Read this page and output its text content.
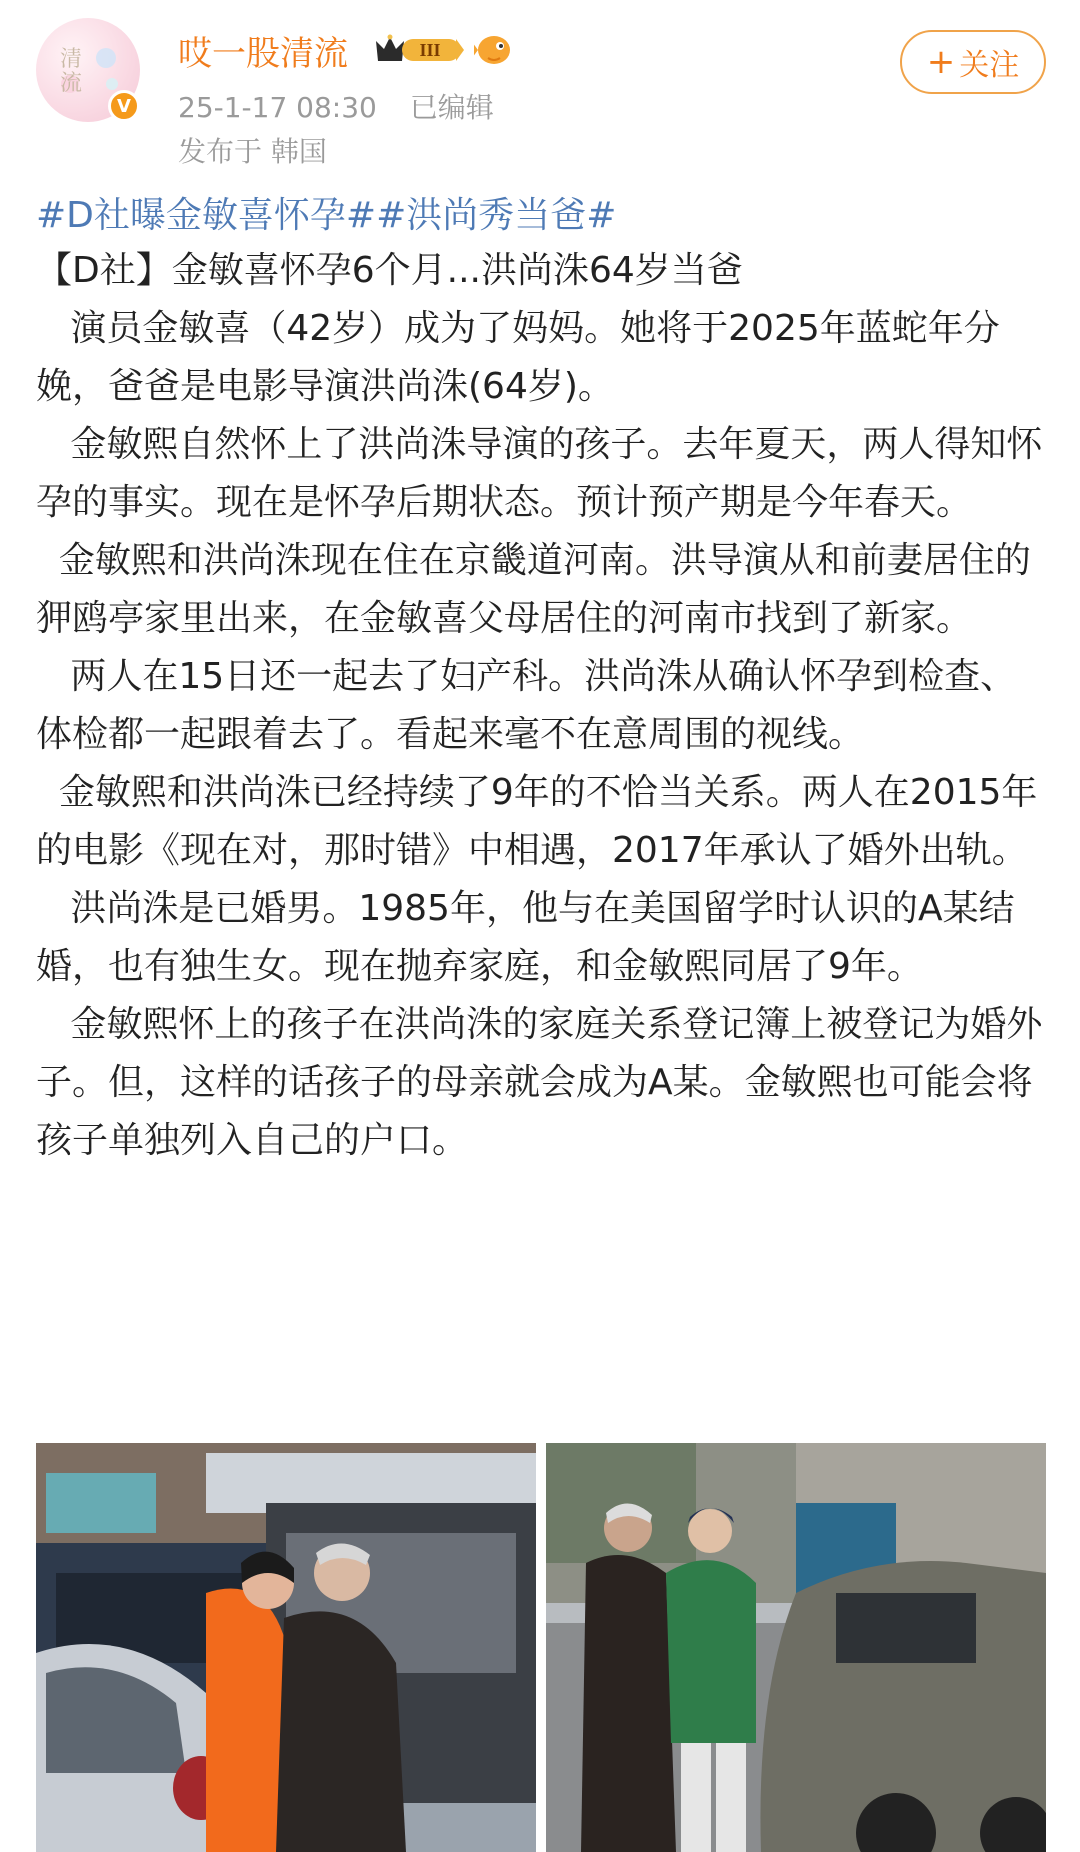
清
流
V
哎一股清流	III
25-1-17 08:30 已编辑
发布于 韩国
+ 关注
#D社曝金敏喜怀孕##洪尚秀当爸#

【D社】金敏喜怀孕6个月...洪尚洙64岁当爸

演员金敏喜（42岁）成为了妈妈。她将于2025年蓝蛇年分娩，爸爸是电影导演洪尚洙(64岁)。

金敏熙自然怀上了洪尚洙导演的孩子。去年夏天，两人得知怀孕的事实。现在是怀孕后期状态。预计预产期是今年春天。

金敏熙和洪尚洙现在住在京畿道河南。洪导演从和前妻居住的狎鸥亭家里出来，在金敏喜父母居住的河南市找到了新家。

两人在15日还一起去了妇产科。洪尚洙从确认怀孕到检查、体检都一起跟着去了。看起来毫不在意周围的视线。

金敏熙和洪尚洙已经持续了9年的不恰当关系。两人在2015年的电影《现在对，那时错》中相遇，2017年承认了婚外出轨。

洪尚洙是已婚男。1985年，他与在美国留学时认识的A某结婚，也有独生女。现在抛弃家庭，和金敏熙同居了9年。

金敏熙怀上的孩子在洪尚洙的家庭关系登记簿上被登记为婚外子。但，这样的话孩子的母亲就会成为A某。金敏熙也可能会将孩子单独列入自己的户口。
